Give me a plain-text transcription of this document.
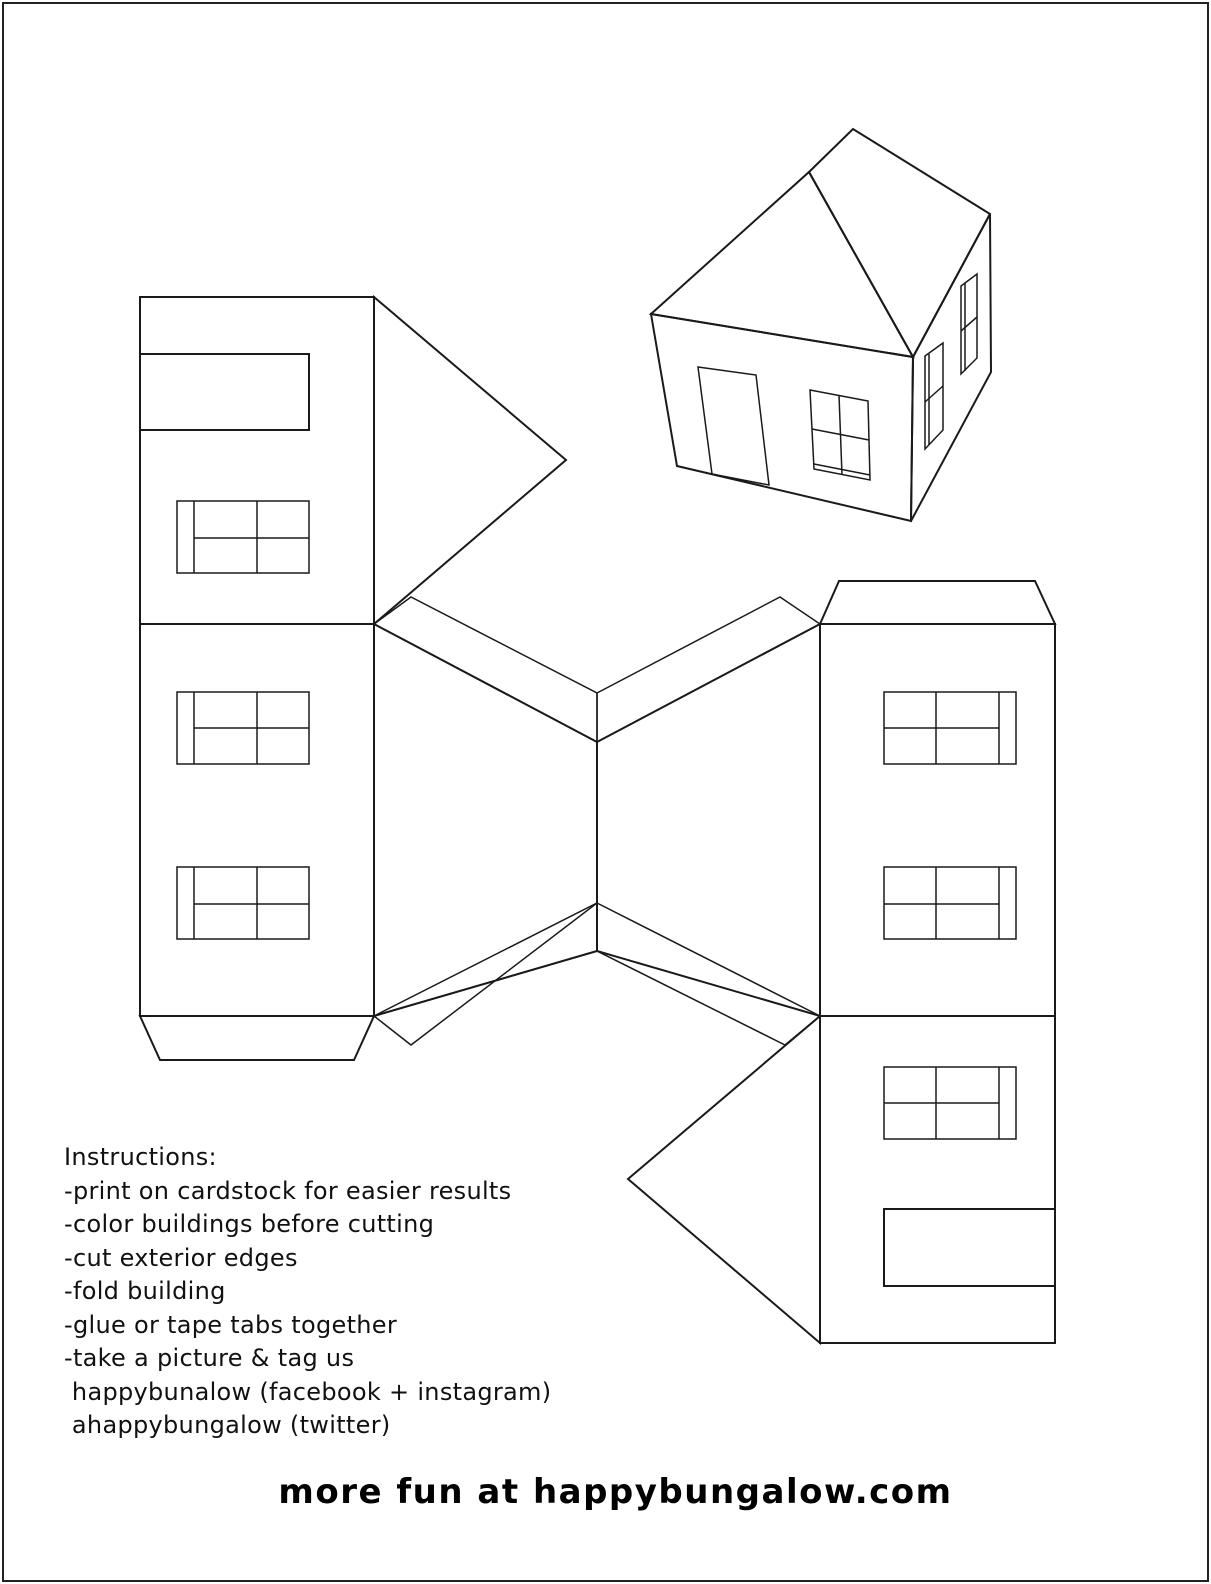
Instructions:
-print on cardstock for easier results
-color buildings before cutting
-cut exterior edges
-fold building
-glue or tape tabs together
-take a picture & tag us
happybunalow (facebook + instagram)
ahappybungalow (twitter)
more fun at happybungalow.com
